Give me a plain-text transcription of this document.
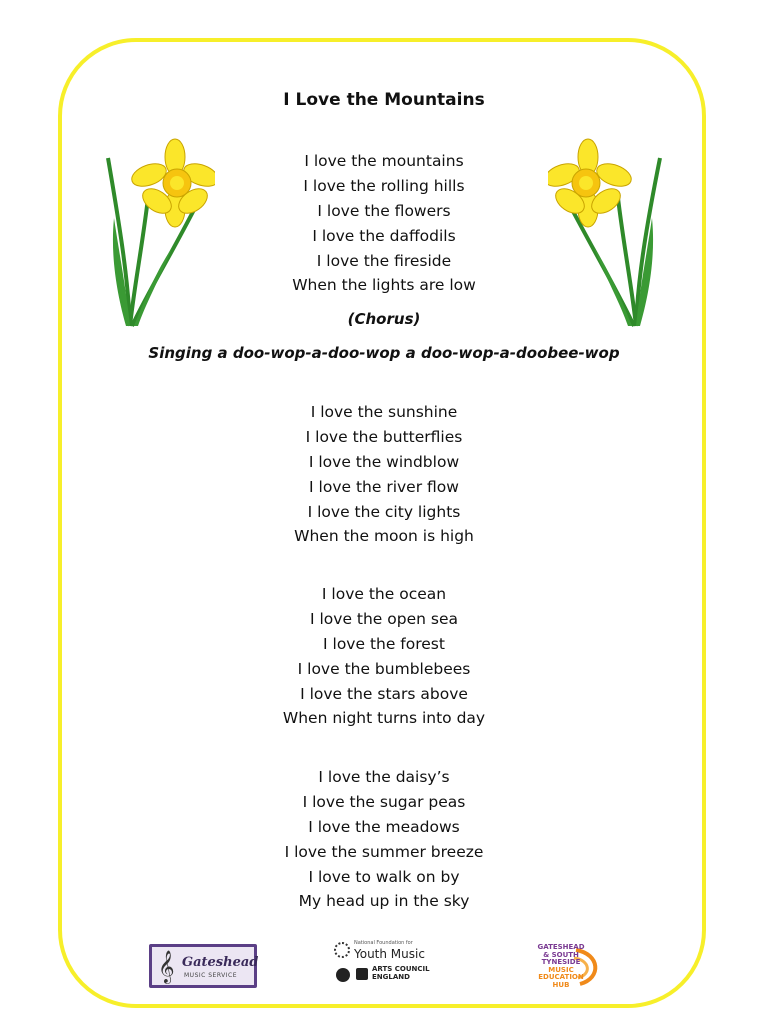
I Love the Mountains
I love the mountains
I love the rolling hills
I love the flowers
I love the daffodils
I love the fireside
When the lights are low
(Chorus)
Singing a doo-wop-a-doo-wop a doo-wop-a-doobee-wop
I love the sunshine
I love the butterflies
I love the windblow
I love the river flow
I love the city lights
When the moon is high
I love the ocean
I love the open sea
I love the forest
I love the bumblebees
I love the stars above
When night turns into day
I love the daisy’s
I love the sugar peas
I love the meadows
I love the summer breeze
I love to walk on by
My head up in the sky
𝄞 Gateshead
MUSIC SERVICE
National Foundation for
Youth Music
ARTS COUNCIL ENGLAND
GATESHEAD
& SOUTH
TYNESIDE
MUSIC
EDUCATION
HUB
